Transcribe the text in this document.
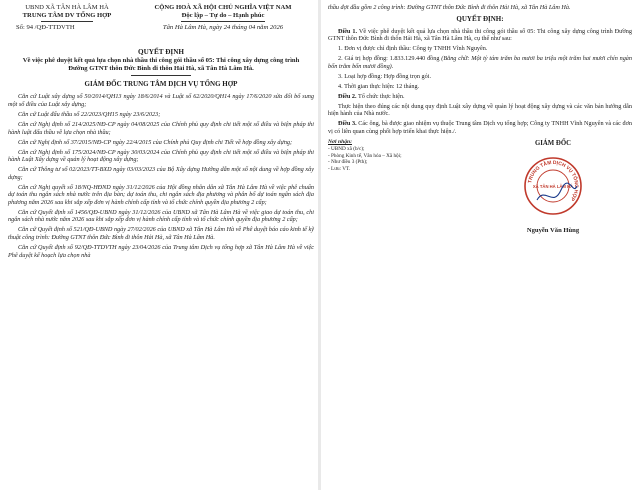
UBND XÃ TÂN HÀ LÂM HÀ
TRUNG TÂM DV TỔNG HỢP
Số: 94 /QĐ-TTDVTH
CỘNG HOÀ XÃ HỘI CHỦ NGHĨA VIỆT NAM
Độc lập – Tự do – Hạnh phúc
Tân Hà Lâm Hà, ngày 24 tháng 04 năm 2026
QUYẾT ĐỊNH
Về việc phê duyệt kết quả lựa chọn nhà thầu thi công gói thầu số 05: Thi công xây dựng công trình Đường GTNT thôn Đức Bình đi thôn Hải Hà, xã Tân Hà Lâm Hà.
GIÁM ĐỐC TRUNG TÂM DỊCH VỤ TỔNG HỢP

Căn cứ Luật xây dựng số 50/2014/QH13 ngày 18/6/2014 và Luật số 62/2020/QH14 ngày 17/6/2020 sửa đổi bổ sung một số điều của Luật xây dựng;

Căn cứ Luật đấu thầu số 22/2023/QH15 ngày 23/6/2023;

Căn cứ Nghị định số 214/2025/NĐ-CP ngày 04/08/2025 của Chính phủ quy định chi tiết một số điều và biện pháp thi hành luật đấu thầu về lựa chọn nhà thầu;

Căn cứ Nghị định số 37/2015/NĐ-CP ngày 22/4/2015 của Chính phủ Quy định chi Tiết về hợp đồng xây dựng;

Căn cứ Nghị định số 175/2024/NĐ-CP ngày 30/03/2024 của Chính phủ quy định chi tiết một số điều và biện pháp thi hành Luật Xây dựng về quản lý hoạt động xây dựng;

Căn cứ Thông tư số 02/2023/TT-BXD ngày 03/03/2023 của Bộ Xây dựng Hướng dẫn một số nội dung về hợp đồng xây dựng;

Căn cứ Nghị quyết số 18/NQ-HĐND ngày 31/12/2026 của Hội đồng nhân dân xã Tân Hà Lâm Hà về việc phê chuẩn dự toán thu ngân sách nhà nước trên địa bàn; dự toán thu, chi ngân sách địa phương và phân bổ dự toán ngân sách địa phương năm 2026 sau khi sắp xếp đơn vị hành chính cấp tỉnh và tổ chức chính quyền địa phương 2 cấp;

Căn cứ Quyết định số 1456/QĐ-UBND ngày 31/12/2026 của UBND xã Tân Hà Lâm Hà về việc giao dự toán thu, chi ngân sách nhà nước năm 2026 sau khi sắp xếp đơn vị hành chính cấp tỉnh và tổ chức chính quyền địa phương 2 cấp;

Căn cứ Quyết định số 521/QĐ-UBND ngày 27/02/2026 của UBND xã Tân Hà Lâm Hà về Phê duyệt báo cáo kinh tế kỹ thuật công trình: Đường GTNT thôn Đức Bình đi thôn Hải Hà, xã Tân Hà Lâm Hà.

Căn cứ Quyết định số 92/QĐ-TTDVTH ngày 23/04/2026 của Trung tâm Dịch vụ tổng hợp xã Tân Hà Lâm Hà về việc Phê duyệt kế hoạch lựa chọn nhà

thầu đợt đầu gồm 2 công trình: Đường GTNT thôn Đức Bình đi thôn Hải Hà, xã Tân Hà Lâm Hà.

QUYẾT ĐỊNH:

Điều 1. Về việc phê duyệt kết quả lựa chọn nhà thầu thi công gói thầu số 05: Thi công xây dựng công trình Đường GTNT thôn Đức Bình đi thôn Hải Hà, xã Tân Hà Lâm Hà, cụ thể như sau:

1. Đơn vị được chỉ định thầu: Công ty TNHH Vĩnh Nguyên.

2. Giá trị hợp đồng: 1.833.129.440 đồng (Bằng chữ: Một tỷ tám trăm ba mươi ba triệu một trăm hai mươi chín ngàn bốn trăm bốn mươi đồng).

3. Loại hợp đồng: Hợp đồng trọn gói.

4. Thời gian thực hiện: 12 tháng.

Điều 2. Tổ chức thực hiện.

Thực hiện theo đúng các nội dung quy định Luật xây dựng về quản lý hoạt động xây dựng và các văn bản hướng dẫn hiện hành của Nhà nước.

Điều 3. Các ông, bà được giao nhiệm vụ thuộc Trung tâm Dịch vụ tổng hợp; Công ty TNHH Vĩnh Nguyên và các đơn vị có liên quan cùng phối hợp triển khai thực hiện./.

Nơi nhận:
- UBND xã (b/c);
- Phòng Kinh tế, Văn hóa – Xã hội;
- Như điều 3 (Pth);
- Lưu: VT.
GIÁM ĐỐC
TRUNG TÂM DỊCH VỤ TỔNG HỢP
XÃ TÂN HÀ LÂM HÀ
Nguyễn Văn Hùng
